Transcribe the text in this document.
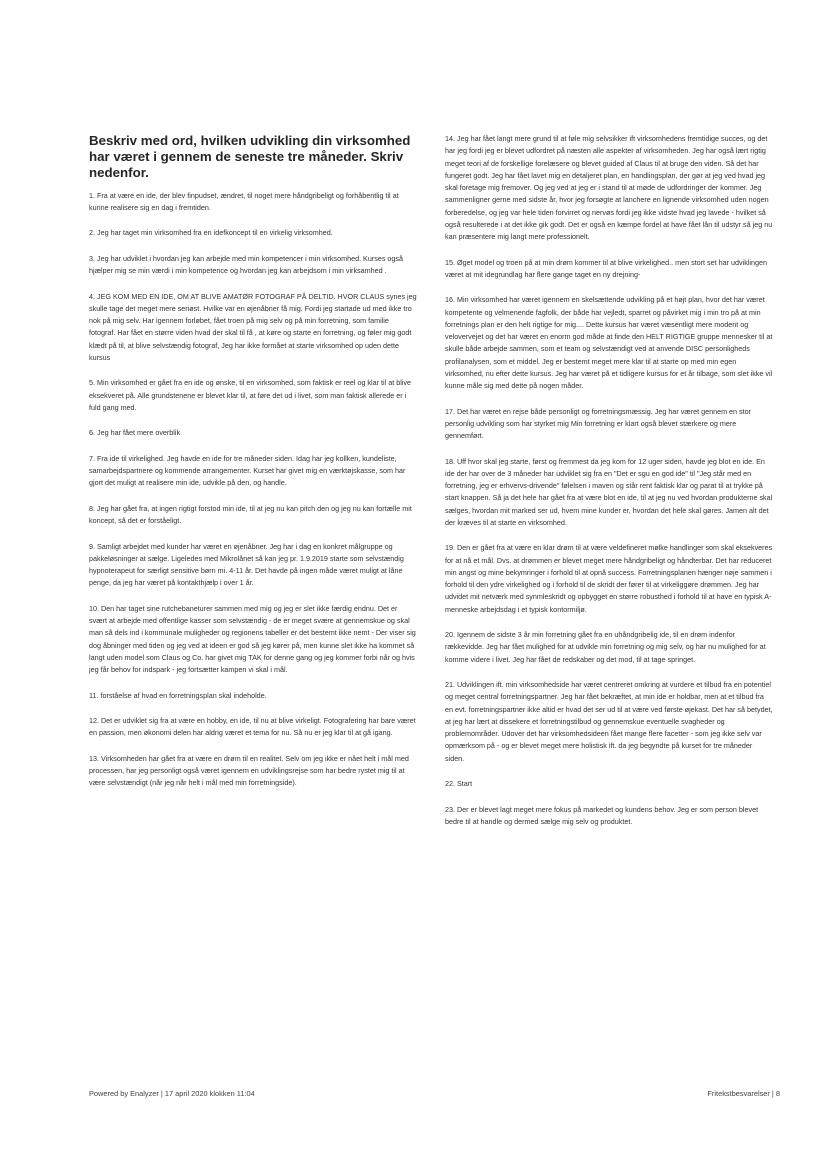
Beskriv med ord, hvilken udvikling din virksomhed har været i gennem de seneste tre måneder. Skriv nedenfor.
1. Fra at være en ide, der blev finpudset, ændret, til noget mere håndgribeligt og forhåbentlig til at kunne realisere sig en dag i fremtiden.
2. Jeg har taget min virksomhed fra en idefkoncept til en virkelig virksomhed.
3. Jeg har udviklet i hvordan jeg kan arbejde med min kompetencer i min virksomhed. Kurses også hjælper mig se min værdi i min kompetence og hvordan jeg kan arbejdsom i min virksamhed .
4. JEG KOM MED EN IDE, OM AT BLIVE AMATØR FOTOGRAF PÅ DELTID. HVOR CLAUS synes jeg skulle tage det meget mere seriøst. Hvilke var en øjenåbner få mig. Fordi jeg startade ud med ikke tro nok på mig selv. Har igennem forløbet, fået troen på mig selv og på min forretning, som familie fotograf. Har fået en større viden hvad der skal til få , at køre og starte en forretning, og føler mig godt klædt på til, at blive selvstændig fotograf, Jeg har ikke formået at starte virksomhed op uden dette kursus
5. Min virksomhed er gået fra en ide og ønske, til en virksomhed, som faktisk er reel og klar til at blive eksekveret på. Alle grundstenene er blevet klar til, at føre det ud i livet, som man faktisk allerede er i fuld gang med.
6. Jeg har fået mere overblik
7. Fra ide til virkelighed. Jeg havde en ide for tre måneder siden. Idag har jeg kollken, kundeliste, samarbejdspartnere og kommende arrangementer. Kurset har givet mig en værktøjskasse, som har gjort det muligt at realisere min ide, udvikle på den, og handle.
8. Jeg har gået fra, at ingen rigtigt forstod min ide, til at jeg nu kan pitch den og jeg nu kan fortælle mit koncept, så det er forståeligt.
9. Samligt arbejdet med kunder har været en øjenåbner. Jeg har i dag en konkret målgruppe og pakkeløsninger at sælge. Ligeledes med Mikrolånet så kan jeg pr. 1.9.2019 starte som selvstændig hypnoterapeut for særligt sensitive børn mi. 4-11 år. Det havde på ingen måde været muligt at låne penge, da jeg har været på kontakthjælp i over 1 år.
10. Den har taget sine rutchebaneturer sammen med mig og jeg er slet ikke færdig endnu. Det er svært at arbejde med offentlige kasser som selvstændig - de er meget svære at gennemskue og skal man så dels ind i kommunale muligheder og regionens tabeller er det bestemt ikke nemt - Der viser sig dog åbninger med tiden og jeg ved at ideen er god så jeg kører på, men kunne slet ikke ha kommet så langt uden model som Claus og Co. har givet mig TAK for denne gang og jeg kommer forbi når og hvis jeg får behov for indspark - jeg fortsætter kampen vi skal i mål.
11. forståelse af hvad en forretningsplan skal indeholde.
12. Det er udviklet sig fra at være en hobby, en ide, til nu at blive virkeligt. Fotografering har bare været en passion, men økonomi delen har aldrig været et tema for nu. Så nu er jeg klar til at gå igang.
13. Virksomheden har gået fra at være en drøm til en realitet. Selv om jeg ikke er nået helt i mål med processen, har jeg personligt også været igennem en udviklingsrejse som har bedre rystet mig til at være selvstændigt (når jeg når helt i mål med min forretningside).
14. Jeg har fået langt mere grund til at føle mig selvsikker ift virksomhedens fremtidige succes, og det har jeg fordi jeg er blevet udfordret på næsten alle aspekter af virksomheden. Jeg har også lært rigtig meget teori af de forskellige forelæsere og blevet guided af Claus til at bruge den viden. Så det har fungeret godt. Jeg har fået lavet mig en detaljeret plan, en handlingsplan, der gør at jeg ved hvad jeg skal foretage mig fremover. Og jeg ved at jeg er i stand til at møde de udfordringer der kommer. Jeg sammenligner gerne med sidste år, hvor jeg forsøgte at lanchere en lignende virksomhed uden nogen forberedelse, og jeg var hele tiden forvirret og nervøs fordi jeg ikke vidste hvad jeg lavede - hvilket så også resulterede i at det ikke gik godt. Det er også en kæmpe fordel at have fået lån til udstyr så jeg nu kan præsentere mig langt mere professionelt.
15. Øget model og troen på at min drøm kommer til at blive virkelighed.. men stort set har udviklingen været at mit idegrundlag har flere gange taget en ny drejning-
16. Min virksomhed har været igennem en skelsættende udvikling på et højt plan, hvor det har været kompetente og velmenende fagfolk, der både har vejledt, sparret og påvirket mig i min tro på at min forretnings plan er den helt rigtige for mig.... Dette kursus har været væsentligt mere modent og velovervejet og det har været en enorm god måde at finde den HELT RIGTIGE gruppe mennesker til at skulle både arbejde sammen, som et team og selvstændigt ved at anvende DISC personligheds profilanalysen, som et middel. Jeg er bestemt meget mere klar til at starte op med min egen virksomhed, nu efter dette kursus. Jeg har været på et tidligere kursus for et år tilbage, som slet ikke vil kunne måle sig med dette på nogen måder.
17. Det har været en rejse både personligt og forretningsmæssig. Jeg har været gennem en stor personlig udvikling som har styrket mig Min forretning er klart også blevet stærkere og mere gennemført.
18. Uff hvor skal jeg starte, først og fremmest da jeg kom for 12 uger siden, havde jeg blot en ide. En ide der har over de 3 måneder har udviklet sig fra en "Det er sgu en god ide" til "Jeg står med en forretning, jeg er erhvervs-drivende" følelsen i maven og står rent faktisk klar og parat til at trykke på start knappen. Så ja det hele har gået fra at være blot en ide, til at jeg nu ved hvordan produkterne skal sælges, hvordan mit marked ser ud, hvem mine kunder er, hvordan det hele skal gøres. Jamen alt det der kræves til at starte en virksomhed.
19. Den er gået fra at være en klar drøm til at være veldefineret mølke handlinger som skal eksekveres for at nå et mål. Dvs. at drømmen er blevet meget mere håndgribeligt og håndterbar. Det har reduceret min angst og mine bekymringer i forhold til at opnå success. Forretningsplanen hænger nøje sammen i forhold til den ydre virkelighed og i forhold til de skridt der fører til at virkeliggøre drømmen. Jeg har udvidet mit netværk med synmleskridt og opbygget en større robusthed i forhold til at have en typisk A-menneske arbejdsdag i et typisk kontormiljø.
20. Igennem de sidste 3 år min forretning gået fra en uhåndgribelig ide, til en drøm indenfor rækkevidde. Jeg har fået mulighed for at udvikle min forretning og mig selv, og har nu mulighed for at komme videre i livet. Jeg har fået de redskaber og det mod, til at tage springet.
21. Udviklingen ift. min virksomhedside har været centreret omkring at vurdere et tilbud fra en potentiel og meget central forretningspartner. Jeg har fået bekræftet, at min ide er holdbar, men at et tilbud fra en evt. forretningspartner ikke altid er hvad det ser ud til at være ved første øjekast. Det har så betydet, at jeg har lært at dissekere et forretningstilbud og gennemskue eventuelle svagheder og problemområder. Udover det har virksomhedsideen fået mange flere facetter - som jeg ikke selv var opmærksom på - og er blevet meget mere holistisk ift. da jeg begyndte på kurset for tre måneder siden.
22. Start
23. Der er blevet lagt meget mere fokus på markedet og kundens behov. Jeg er som person blevet bedre til at handle og dermed sælge mig selv og produktet.
Powered by Enalyzer | 17 april 2020 klokken 11:04	Fritekstbesvarelser | 8
